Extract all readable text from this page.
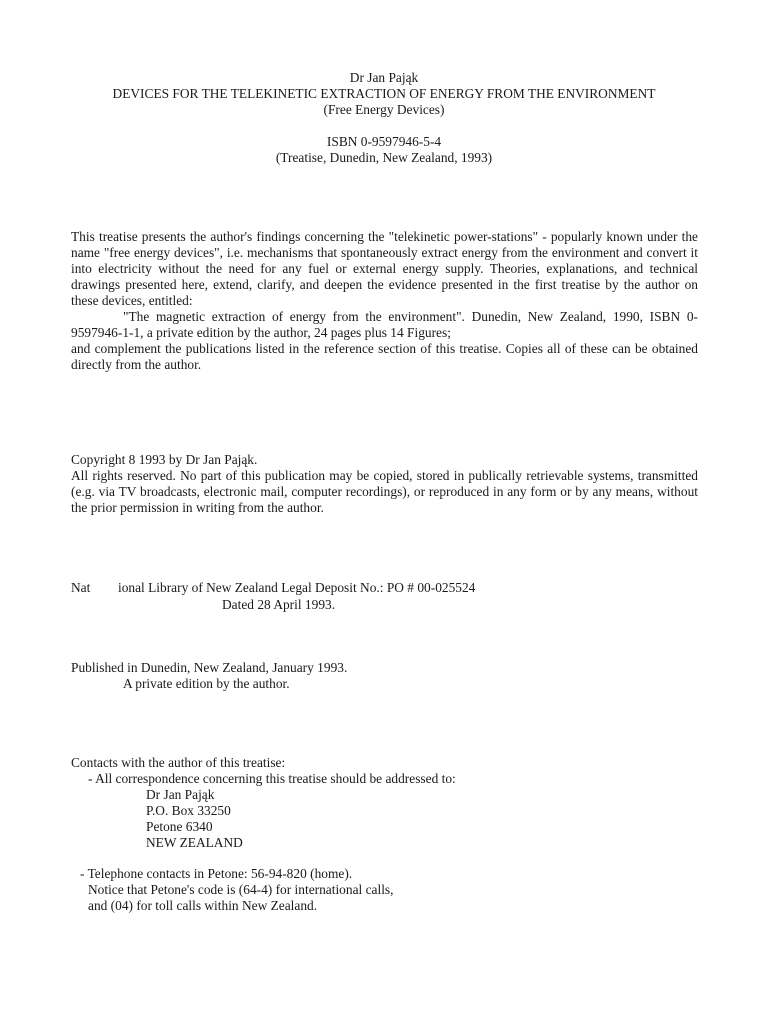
Dr Jan Pająk
DEVICES FOR THE TELEKINETIC EXTRACTION OF ENERGY FROM THE ENVIRONMENT
(Free Energy Devices)
ISBN 0-9597946-5-4
(Treatise, Dunedin, New Zealand, 1993)

This treatise presents the author's findings concerning the "telekinetic power-stations" - popularly known under the name "free energy devices", i.e. mechanisms that spontaneously extract energy from the environment and convert it into electricity without the need for any fuel or external energy supply. Theories, explanations, and technical drawings presented here, extend, clarify, and deepen the evidence presented in the first treatise by the author on these devices, entitled:

"The magnetic extraction of energy from the environment". Dunedin, New Zealand, 1990, ISBN 0-9597946-1-1, a private edition by the author, 24 pages plus 14 Figures;

and complement the publications listed in the reference section of this treatise. Copies all of these can be obtained directly from the author.

Copyright 8 1993 by Dr Jan Pająk.

All rights reserved. No part of this publication may be copied, stored in publically retrievable systems, transmitted (e.g. via TV broadcasts, electronic mail, computer recordings), or reproduced in any form or by any means, without the prior permission in writing from the author.

Nat ional Library of New Zealand Legal Deposit No.: PO # 00-025524
Dated 28 April 1993.
Published in Dunedin, New Zealand, January 1993.
A private edition by the author.
Contacts with the author of this treatise:
- All correspondence concerning this treatise should be addressed to:
Dr Jan Pająk
P.O. Box 33250
Petone 6340
NEW ZEALAND
- Telephone contacts in Petone: 56-94-820 (home).
Notice that Petone's code is (64-4) for international calls,
and (04) for toll calls within New Zealand.
